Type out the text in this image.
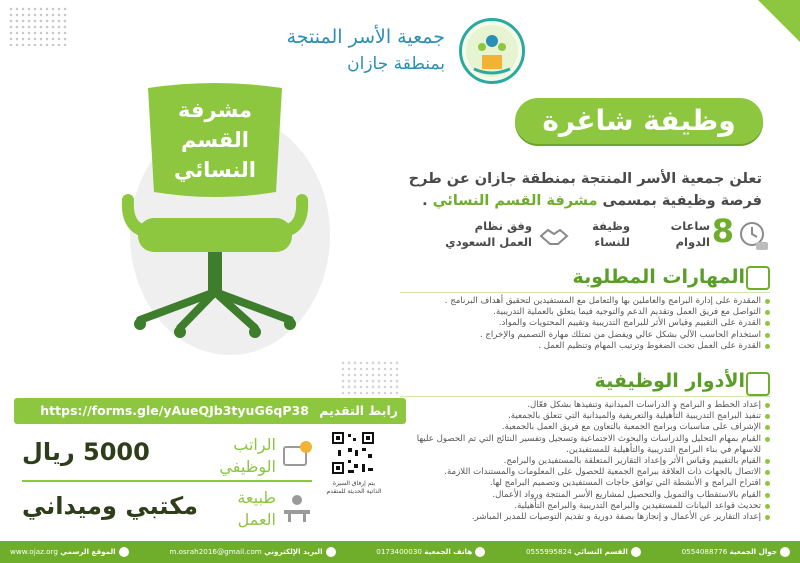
جمعية الأسر المنتجة
بمنطقة جازان
مشرفة
القسم
النسائي
وظيفة شاغرة
تعلن جمعية الأسر المنتجة بمنطقة جازان عن طرح
فرصة وظيفية بمسمى مشرفة القسم النسائي .
8
ساعات
الدوام
وظيفة
للنساء
وفق نظام
العمل السعودي
المهارات المطلوبة
المقدرة على إدارة البرامج والعاملين بها والتعامل مع المستفيدين لتحقيق أهداف البرنامج .
التواصل مع فريق العمل وتقديم الدعم والتوجيه فيما يتعلق بالعملية التدريبية.
القدرة على التقييم وقياس الأثر للبرامج التدريبية وتقييم المحتويات والمواد.
استخدام الحاسب الآلي بشكل عالي ويفضل من تمتلك مهارة التصميم والإخراج .
القدرة على العمل تحت الضغوط وترتيب المهام وتنظيم العمل .
الأدوار الوظيفية
إعداد الخطط و البرامج و الدراسات الميدانية وتنفيذها بشكل فعّال.
تنفيذ البرامج التدريبية التأهيلية والتعريفية والميدانية التي تتعلق بالجمعية.
الإشراف على مناسبات وبرامج الجمعية بالتعاون مع فريق العمل بالجمعية.
القيام بمهام التحليل والدراسات والبحوث الاجتماعية وتسجيل وتفسير النتائج التي تم الحصول عليها للاسهام في بناء البرامج التدريبية والتأهيلية للمستفيدين.
القيام بالتقييم وقياس الأثر وإعداد التقارير المتعلقة بالمستفيدين والبرامج.
الاتصال بالجهات ذات العلاقة ببرامج الجمعية للحصول على المعلومات والمستندات اللازمة.
اقتراح البرامج و الأنشطة التي توافق حاجات المستفيدين وتصميم البرامج لها.
القيام بالاستقطاب والتمويل والتحصيل لمشاريع الأسر المنتجة ورواد الأعمال.
تحديث قواعد البيانات للمستفيدين والبرامج التدريبية والبرامج التأهيلية.
إعداد التقارير عن الأعمال و إنجازها بصفة دورية و تقديم التوصيات للمدير المباشر.
رابط التقديم https://forms.gle/yAueQJb3tyuG6qP38
الراتب
الوظيفي
5000 ريال
طبيعة
العمل
مكتبي وميداني
يتم إرفاق السيرة الذاتية الحديثة للمتقدم
جوال الجمعية 0554088776
القسم النسائي 0555995824
هاتف الجمعية 0173400030
البريد الإلكتروني m.osrah2016@gmail.com
الموقع الرسمي www.ojaz.org
